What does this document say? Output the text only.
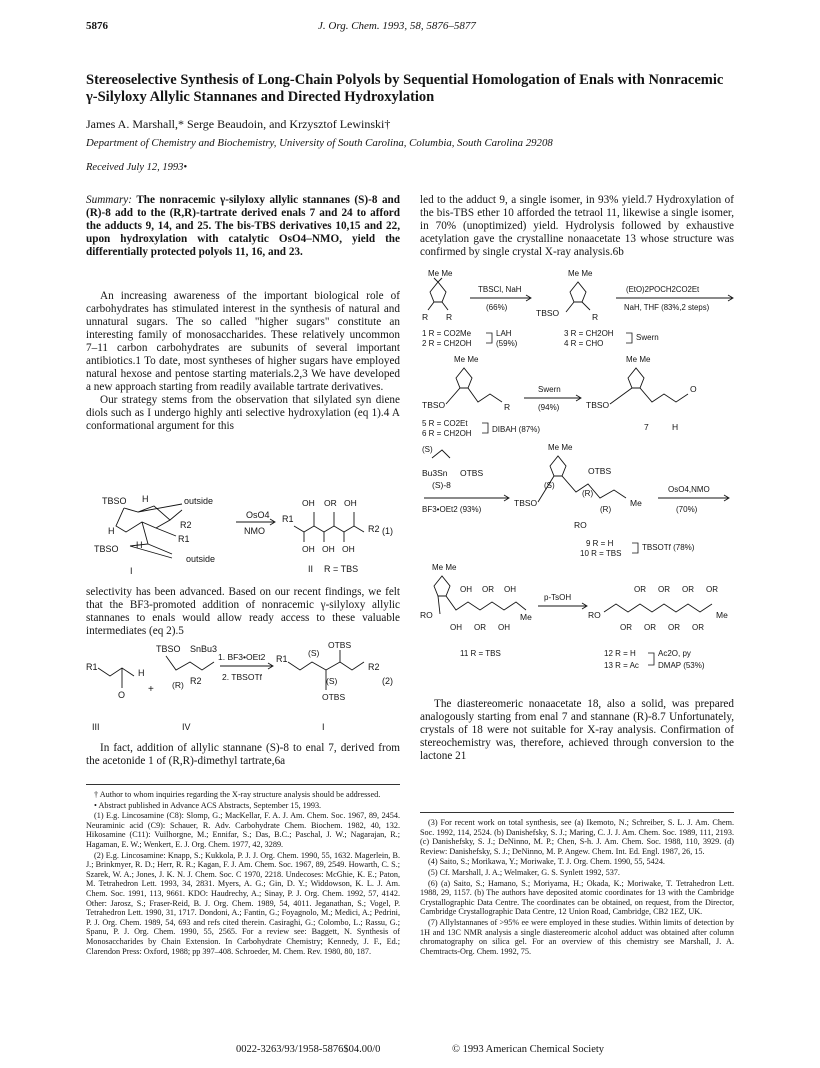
5876	J. Org. Chem. 1993, 58, 5876–5877
Stereoselective Synthesis of Long-Chain Polyols by Sequential Homologation of Enals with Nonracemic γ-Silyloxy Allylic Stannanes and Directed Hydroxylation
James A. Marshall,* Serge Beaudoin, and Krzysztof Lewinski†
Department of Chemistry and Biochemistry, University of South Carolina, Columbia, South Carolina 29208
Received July 12, 1993•
Summary: The nonracemic γ-silyloxy allylic stannanes (S)-8 and (R)-8 add to the (R,R)-tartrate derived enals 7 and 24 to afford the adducts 9, 14, and 25. The bis-TBS derivatives 10,15 and 22, upon hydroxylation with catalytic OsO4–NMO, yield the differentially protected polyols 11, 16, and 23.

An increasing awareness of the important biological role of carbohydrates has stimulated interest in the synthesis of natural and unnatural sugars. The so called "higher sugars" constitute an interesting family of monosaccharides. These relatively uncommon 7–11 carbon carbohydrates are subunits of several important antibiotics.1 To date, most syntheses of higher sugars have employed natural hexose and pentose starting materials.2,3 We have developed a new approach starting from readily available tartrate derivatives.

Our strategy stems from the observation that silylated syn diene diols such as I undergo highly anti selective hydroxylation (eq 1).4 A conformational argument for this

TBSO H	outside
H
R2
R1
TBSO H
outside
I
OsO4
NMO
R1
OH OR OH
OH OH OH
R2 (1)
II R = TBS

selectivity has been advanced. Based on our recent findings, we felt that the BF3-promoted addition of nonracemic γ-silyloxy allylic stannanes to enals would allow ready access to these valuable intermediates (eq 2).5

R1
H
O +
TBSO SnBu3
(R) R2
1. BF3•OEt2
2. TBSOTf
R1
(S)
(S)
OTBS
OTBS
R2
(2)
III	IV	I

In fact, addition of allylic stannane (S)-8 to enal 7, derived from the acetonide 1 of (R,R)-dimethyl tartrate,6a

† Author to whom inquiries regarding the X-ray structure analysis should be addressed.

• Abstract published in Advance ACS Abstracts, September 15, 1993.

(1) E.g. Lincosamine (C8): Slomp, G.; MacKellar, F. A. J. Am. Chem. Soc. 1967, 89, 2454. Neuraminic acid (C9): Schauer, R. Adv. Carbohydrate Chem. Biochem. 1982, 40, 132. Hikosamine (C11): Vuilhorgne, M.; Ennifar, S.; Das, B.C.; Paschal, J. W.; Nagarajan, R.; Hagaman, E. W.; Wenkert, E. J. Org. Chem. 1977, 42, 3289.

(2) E.g. Lincosamine: Knapp, S.; Kukkola, P. J. J. Org. Chem. 1990, 55, 1632. Magerlein, B. J.; Brinkmyer, R. D.; Herr, R. R.; Kagan, F. J. Am. Chem. Soc. 1967, 89, 2549. Howarth, C. S.; Szarek, W. A.; Jones, J. K. N. J. Chem. Soc. C 1970, 2218. Undecoses: McGhie, K. E.; Paton, M. Tetrahedron Lett. 1993, 34, 2831. Myers, A. G.; Gin, D. Y.; Widdowson, K. L. J. Am. Chem. Soc. 1991, 113, 9661. KDO: Haudrechy, A.; Sinay, P. J. Org. Chem. 1992, 57, 4142. Other: Jarosz, S.; Fraser-Reid, B. J. Org. Chem. 1989, 54, 4011. Jeganathan, S.; Vogel, P. Tetrahedron Lett. 1990, 31, 1717. Dondoni, A.; Fantin, G.; Foyagnolo, M.; Medici, A.; Pedrini, P. J. Org. Chem. 1989, 54, 693 and refs cited therein. Casiraghi, G.; Colombo, L.; Rassu, G.; Spanu, P. J. Org. Chem. 1990, 55, 2565. For a review see: Baggett, N. Synthesis of Monosaccharides by Chain Extension. In Carbohydrate Chemistry; Kennedy, J. F., Ed.; Clarendon Press: Oxford, 1988; pp 397–408. Schroeder, M. Chem. Rev. 1980, 80, 187.

led to the adduct 9, a single isomer, in 93% yield.7 Hydroxylation of the bis-TBS ether 10 afforded the tetraol 11, likewise a single isomer, in 70% (unoptimized) yield. Hydrolysis followed by exhaustive acetylation gave the crystalline nonaacetate 13 whose structure was confirmed by single crystal X-ray analysis.6b

Me Me
R R
TBSCl, NaH
(66%)
Me Me
TBSO	R
(EtO)2POCH2CO2Et
NaH, THF (83%,2 steps)
1 R = CO2Me
2 R = CH2OH
LAH
(59%)
3 R = CH2OH
4 R = CHO
Swern
Me Me
TBSO	R
Swern
(94%)
Me Me
TBSO
O
7	H
5 R = CO2Et
6 R = CH2OH	DIBAH (87%)
(S)
Bu3Sn OTBS
(S)-8
BF3•OEt2 (93%)
Me Me
TBSO
(S)
OTBS
(R)
(R)
RO
Me
OsO4,NMO
(70%)
9 R = H
10 R = TBS
TBSOTf (78%)
Me Me
RO
OH OR OH
OH OR OH
Me
p-TsOH
RO
OR OR OR OR
OR OR OR OR
Me
11 R = TBS	12 R = H
13 R = Ac
Ac2O, py
DMAP (53%)

The diastereomeric nonaacetate 18, also a solid, was prepared analogously starting from enal 7 and stannane (R)-8.7 Unfortunately, crystals of 18 were not suitable for X-ray analysis. Confirmation of stereochemistry was, therefore, achieved through conversion to the lactone 21

(3) For recent work on total synthesis, see (a) Ikemoto, N.; Schreiber, S. L. J. Am. Chem. Soc. 1992, 114, 2524. (b) Danishefsky, S. J.; Maring, C. J. J. Am. Chem. Soc. 1989, 111, 2193. (c) Danishefsky, S. J.; DeNinno, M. P.; Chen, S-h. J. Am. Chem. Soc. 1988, 110, 3929. (d) Review: Danishefsky, S. J.; DeNinno, M. P. Angew. Chem. Int. Ed. Engl. 1987, 26, 15.

(4) Saito, S.; Morikawa, Y.; Moriwake, T. J. Org. Chem. 1990, 55, 5424.

(5) Cf. Marshall, J. A.; Welmaker, G. S. Synlett 1992, 537.

(6) (a) Saito, S.; Hamano, S.; Moriyama, H.; Okada, K.; Moriwake, T. Tetrahedron Lett. 1988, 29, 1157. (b) The authors have deposited atomic coordinates for 13 with the Cambridge Crystallographic Data Centre. The coordinates can be obtained, on request, from the Director, Cambridge Crystallographic Data Centre, 12 Union Road, Cambridge, CB2 1EZ, UK.

(7) Allylstannanes of >95% ee were employed in these studies. Within limits of detection by 1H and 13C NMR analysis a single diastereomeric alcohol adduct was obtained after column chromatography on silica gel. For an overview of this chemistry see Marshall, J. A. Chemtracts-Org. Chem. 1992, 75.

0022-3263/93/1958-5876$04.00/0	© 1993 American Chemical Society
